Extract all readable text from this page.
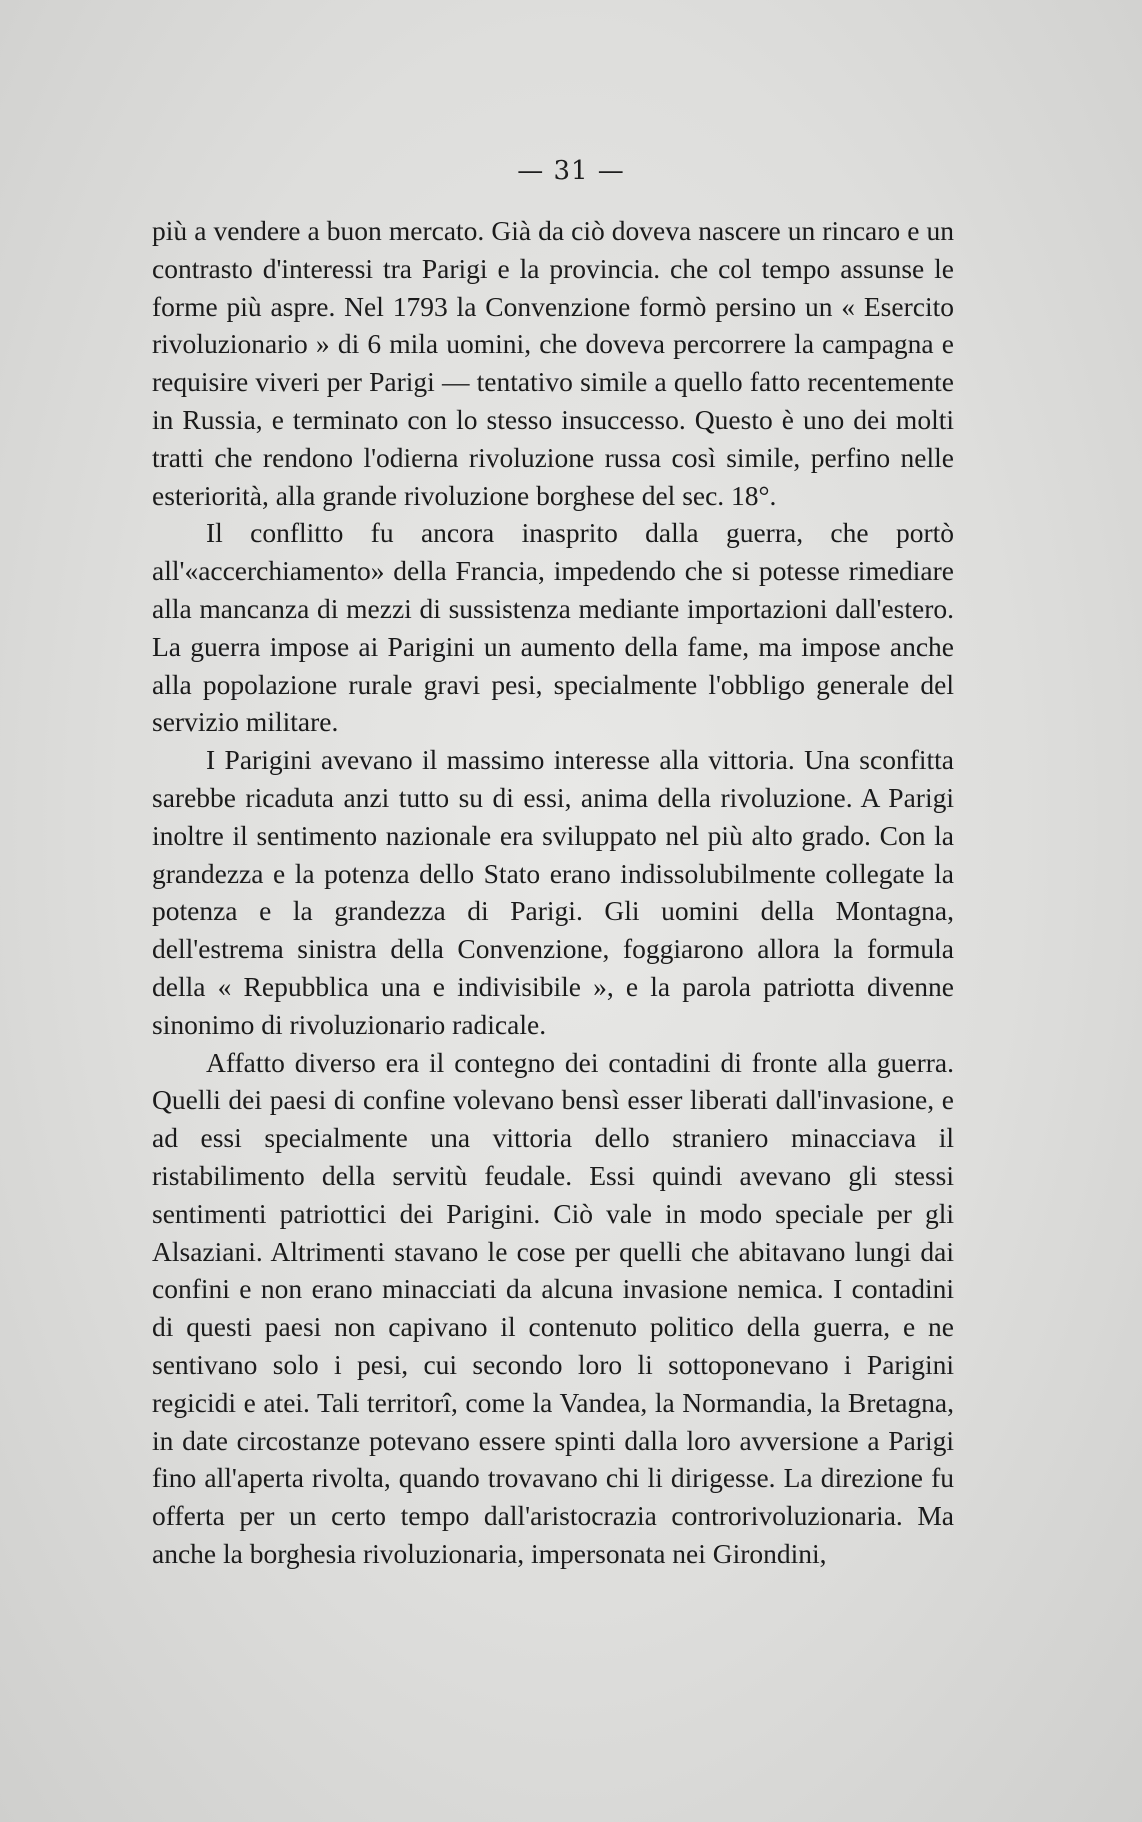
— 31 —

più a vendere a buon mercato. Già da ciò doveva nascere un rincaro e un contrasto d'interessi tra Parigi e la provincia. che col tempo assunse le forme più aspre. Nel 1793 la Convenzione formò persino un « Esercito rivoluzionario » di 6 mila uomini, che doveva percorrere la campagna e requisire viveri per Parigi — tentativo simile a quello fatto recentemente in Russia, e terminato con lo stesso insuccesso. Questo è uno dei molti tratti che rendono l'odierna rivoluzione russa così simile, perfino nelle esteriorità, alla grande rivoluzione borghese del sec. 18°.

Il conflitto fu ancora inasprito dalla guerra, che portò all'«accerchiamento» della Francia, impedendo che si potesse rimediare alla mancanza di mezzi di sussistenza mediante importazioni dall'estero. La guerra impose ai Parigini un aumento della fame, ma impose anche alla popolazione rurale gravi pesi, specialmente l'obbligo generale del servizio militare.

I Parigini avevano il massimo interesse alla vittoria. Una sconfitta sarebbe ricaduta anzi tutto su di essi, anima della rivoluzione. A Parigi inoltre il sentimento nazionale era sviluppato nel più alto grado. Con la grandezza e la potenza dello Stato erano indissolubilmente collegate la potenza e la grandezza di Parigi. Gli uomini della Montagna, dell'estrema sinistra della Convenzione, foggiarono allora la formula della « Repubblica una e indivisibile », e la parola patriotta divenne sinonimo di rivoluzionario radicale.

Affatto diverso era il contegno dei contadini di fronte alla guerra. Quelli dei paesi di confine volevano bensì esser liberati dall'invasione, e ad essi specialmente una vittoria dello straniero minacciava il ristabilimento della servitù feudale. Essi quindi avevano gli stessi sentimenti patriottici dei Parigini. Ciò vale in modo speciale per gli Alsaziani. Altrimenti stavano le cose per quelli che abitavano lungi dai confini e non erano minacciati da alcuna invasione nemica. I contadini di questi paesi non capivano il contenuto politico della guerra, e ne sentivano solo i pesi, cui secondo loro li sottoponevano i Parigini regicidi e atei. Tali territorî, come la Vandea, la Normandia, la Bretagna, in date circostanze potevano essere spinti dalla loro avversione a Parigi fino all'aperta rivolta, quando trovavano chi li dirigesse. La direzione fu offerta per un certo tempo dall'aristocrazia controrivoluzionaria. Ma anche la borghesia rivoluzionaria, impersonata nei Girondini,
